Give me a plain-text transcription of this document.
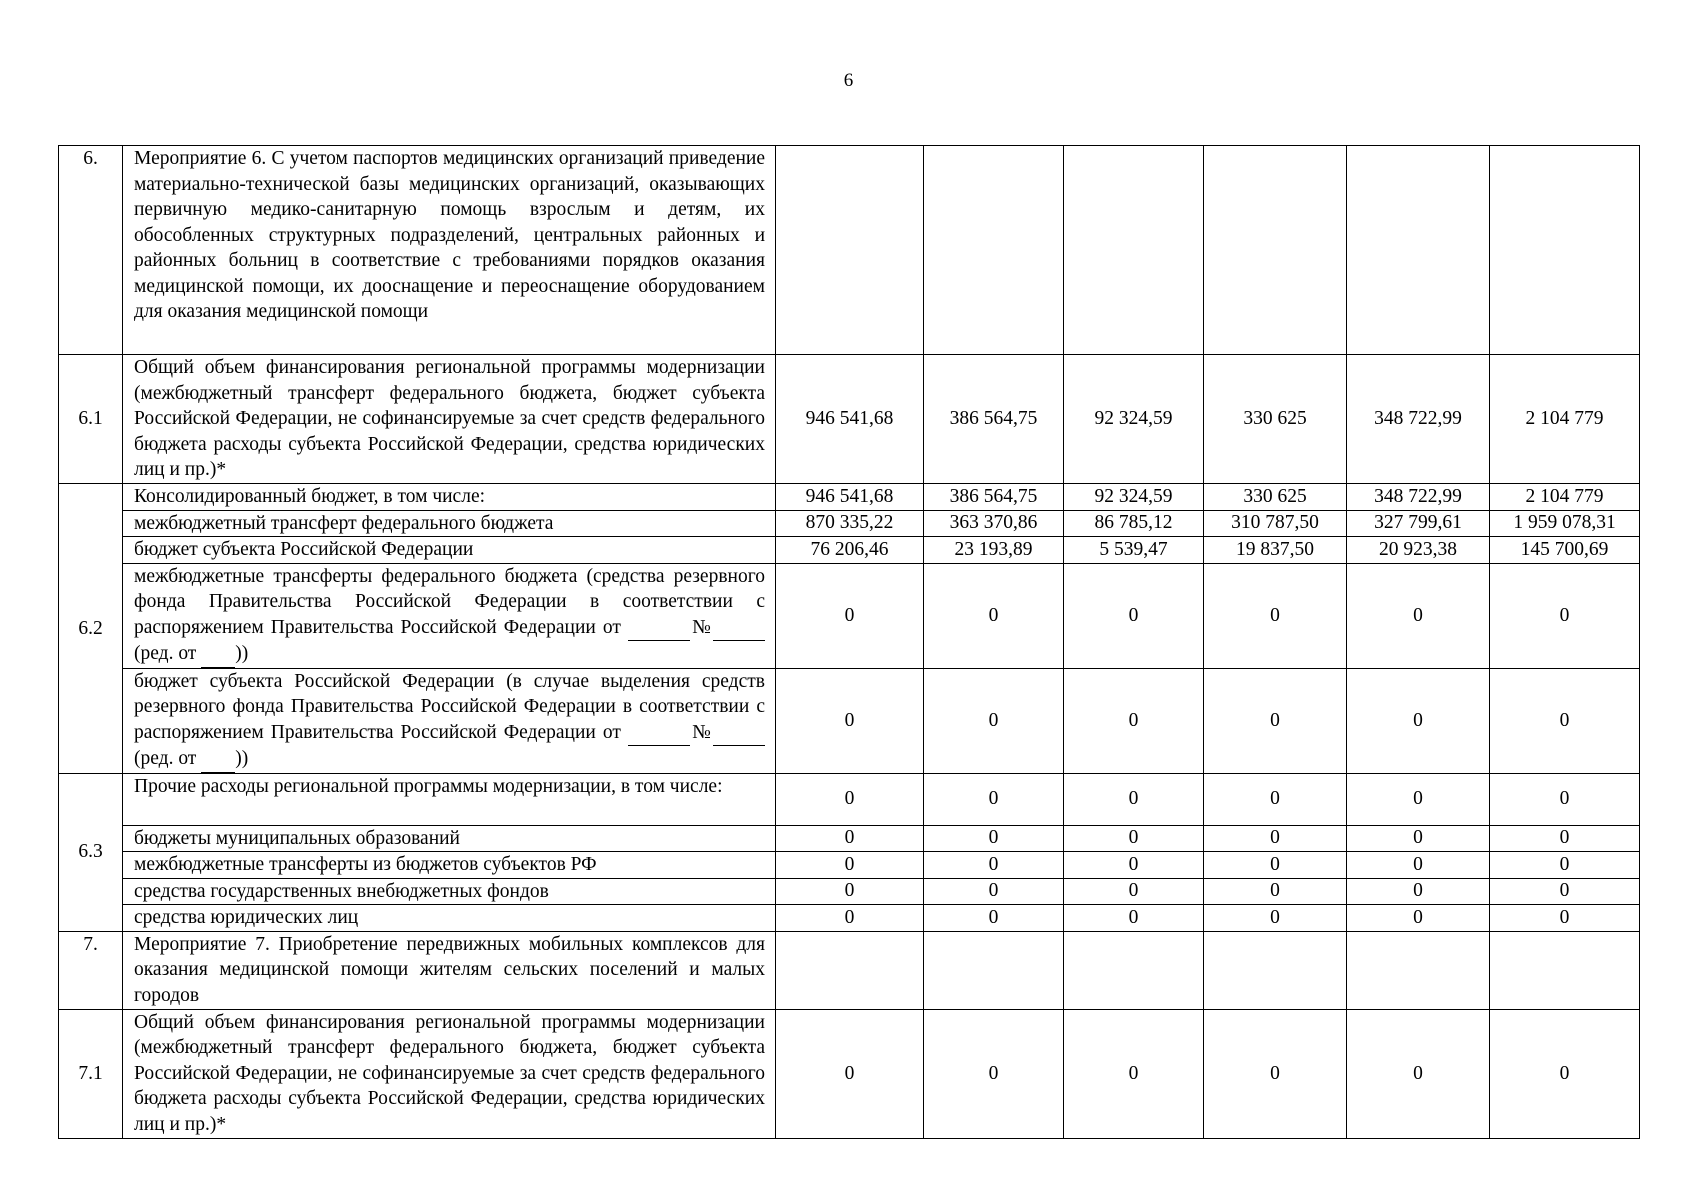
6
6.	Мероприятие 6. С учетом паспортов медицинских организаций приведение материально-технической базы медицинских организаций, оказывающих первичную медико-санитарную помощь взрослым и детям, их обособленных структурных подразделений, центральных районных и районных больниц в соответствие с требованиями порядков оказания медицинской помощи, их дооснащение и переоснащение оборудованием для оказания медицинской помощи						
6.1	Общий объем финансирования региональной программы модернизации (межбюджетный трансферт федерального бюджета, бюджет субъекта Российской Федерации, не софинансируемые за счет средств федерального бюджета расходы субъекта Российской Федерации, средства юридических лиц и пр.)*	946 541,68	386 564,75	92 324,59	330 625	348 722,99	2 104 779
6.2	Консолидированный бюджет, в том числе:	946 541,68	386 564,75	92 324,59	330 625	348 722,99	2 104 779
	межбюджетный трансферт федерального бюджета	870 335,22	363 370,86	86 785,12	310 787,50	327 799,61	1 959 078,31
	бюджет субъекта Российской Федерации	76 206,46	23 193,89	5 539,47	19 837,50	20 923,38	145 700,69
	межбюджетные трансферты федерального бюджета (средства резервного фонда Правительства Российской Федерации в соответствии с распоряжением Правительства Российской Федерации от №  (ред. от  ))	0	0	0	0	0	0
	бюджет субъекта Российской Федерации (в случае выделения средств резервного фонда Правительства Российской Федерации в соответствии с распоряжением Правительства Российской Федерации от №  (ред. от  ))	0	0	0	0	0	0
6.3	Прочие расходы региональной программы модернизации, в том числе:	0	0	0	0	0	0
	бюджеты муниципальных образований	0	0	0	0	0	0
	межбюджетные трансферты из бюджетов субъектов РФ	0	0	0	0	0	0
	средства государственных внебюджетных фондов	0	0	0	0	0	0
	средства юридических лиц	0	0	0	0	0	0
7.	Мероприятие 7. Приобретение передвижных мобильных комплексов для оказания медицинской помощи жителям сельских поселений и малых городов						
7.1	Общий объем финансирования региональной программы модернизации (межбюджетный трансферт федерального бюджета, бюджет субъекта Российской Федерации, не софинансируемые за счет средств федерального бюджета расходы субъекта Российской Федерации, средства юридических лиц и пр.)*	0	0	0	0	0	0
